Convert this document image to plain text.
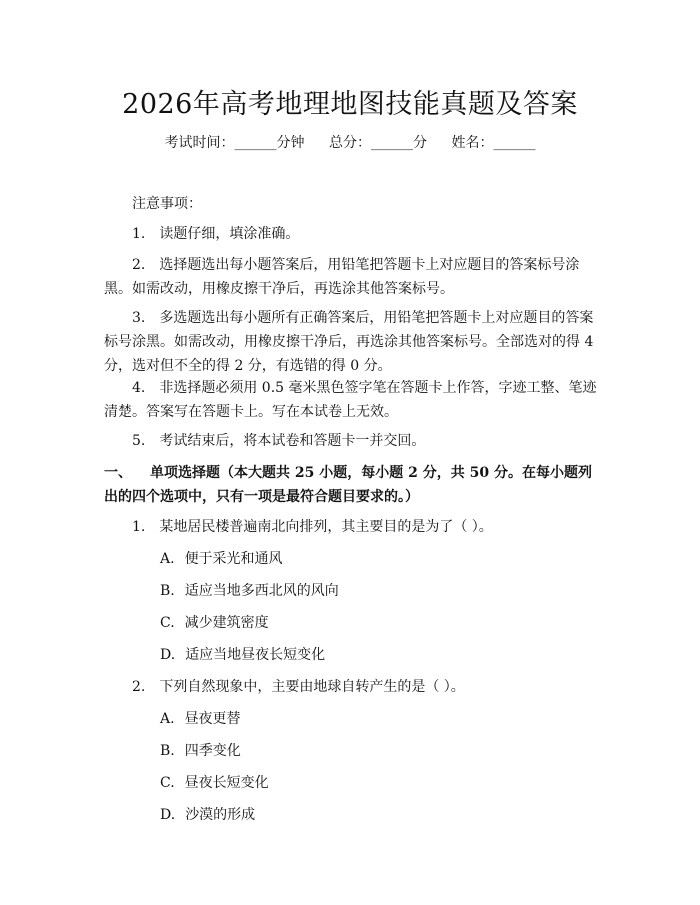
2026年高考地理地图技能真题及答案
考试时间：______分钟 总分：______分 姓名：______
注意事项：
1. 读题仔细，填涂准确。
2. 选择题选出每小题答案后，用铅笔把答题卡上对应题目的答案标号涂黑。如需改动，用橡皮擦干净后，再选涂其他答案标号。
3. 多选题选出每小题所有正确答案后，用铅笔把答题卡上对应题目的答案标号涂黑。如需改动，用橡皮擦干净后，再选涂其他答案标号。全部选对的得 4 分，选对但不全的得 2 分，有选错的得 0 分。
4. 非选择题必须用 0.5 毫米黑色签字笔在答题卡上作答，字迹工整、笔迹清楚。答案写在答题卡上。写在本试卷上无效。
5. 考试结束后，将本试卷和答题卡一并交回。
一、 单项选择题（本大题共 25 小题，每小题 2 分，共 50 分。在每小题列出的四个选项中，只有一项是最符合题目要求的。）
1. 某地居民楼普遍南北向排列，其主要目的是为了（ ）。
A. 便于采光和通风
B. 适应当地多西北风的风向
C. 减少建筑密度
D. 适应当地昼夜长短变化
2. 下列自然现象中，主要由地球自转产生的是（ ）。
A. 昼夜更替
B. 四季变化
C. 昼夜长短变化
D. 沙漠的形成
